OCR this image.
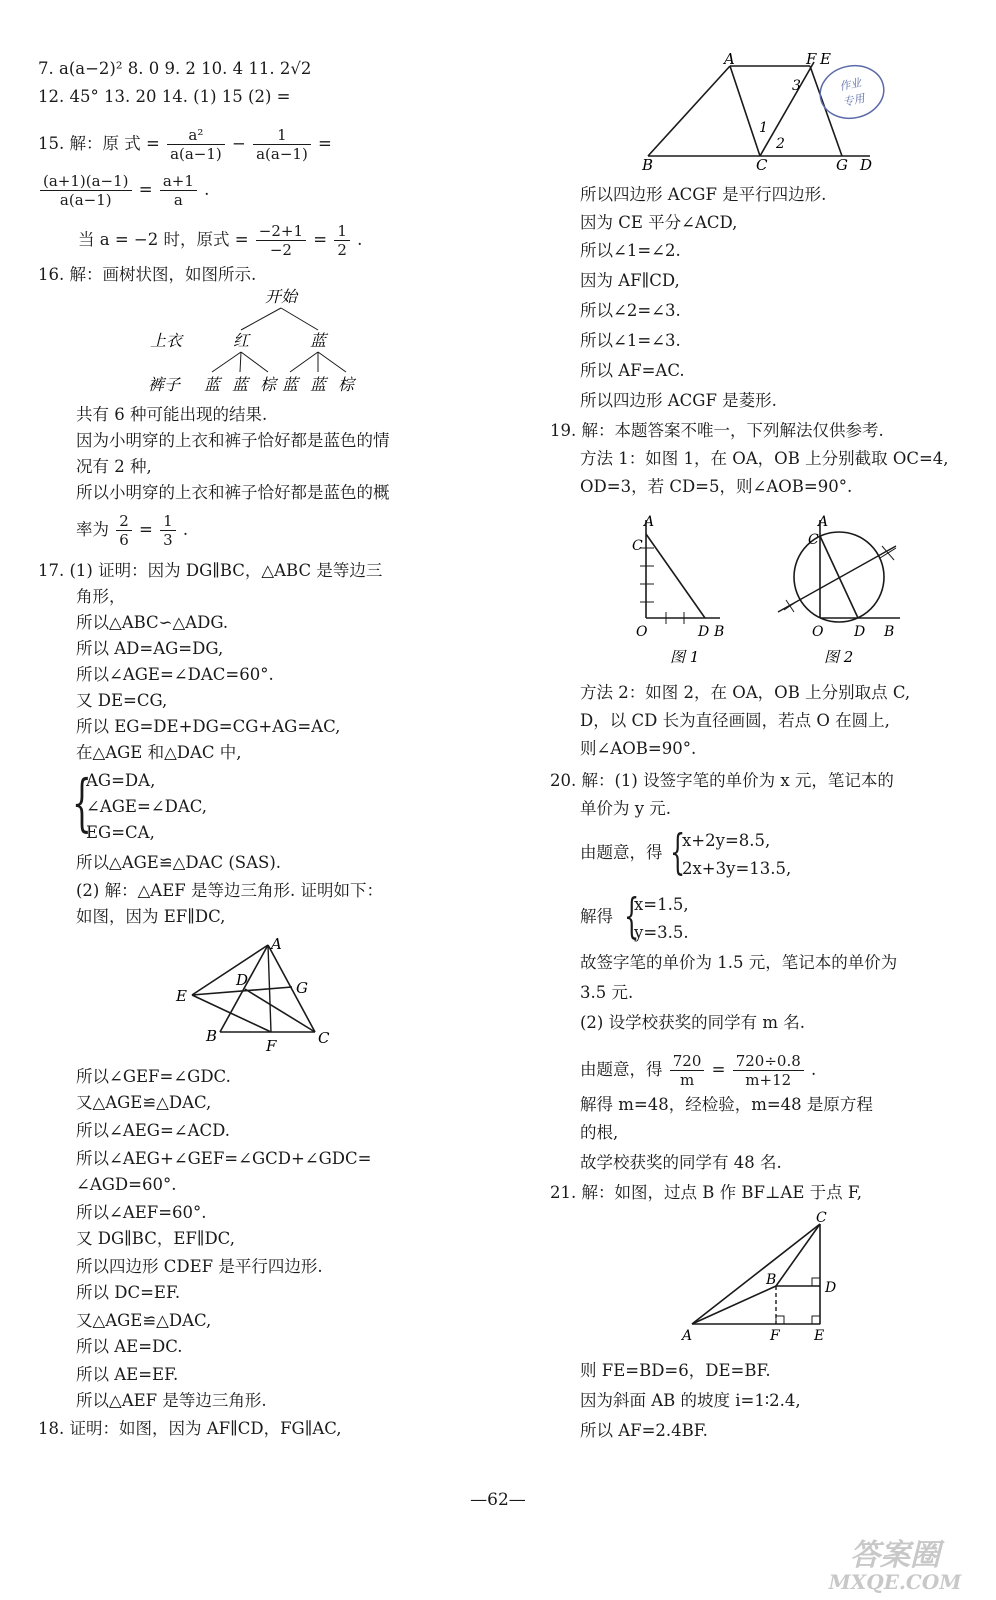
7. a(a−2)² 8. 0 9. 2 10. 4 11. 2√2
12. 45° 13. 20 14. (1) 15 (2) =
15. 解：原 式 = $\frac{\text{a²}}{a(a-1)} - \frac{1}{a(a-1)}$ =
$\frac{(a+1)(a-1)}{a(a-1)} = \frac{a+1}{a}$ .
当 a = −2 时，原式 = $\frac{-2+1}{-2} = \frac{1}{2}$ .
16. 解：画树状图，如图所示.
开始
上衣	红	蓝
裤子 蓝 蓝 棕 蓝 蓝 棕
共有 6 种可能出现的结果.
因为小明穿的上衣和裤子恰好都是蓝色的情
况有 2 种,
所以小明穿的上衣和裤子恰好都是蓝色的概
率为 $\frac{2}{6} = \frac{1}{3}$ .
17. (1) 证明：因为 DG∥BC，△ABC 是等边三
角形，
所以△ABC∽△ADG.
所以 AD=AG=DG,
所以∠AGE=∠DAC=60°.
又 DE=CG,
所以 EG=DE+DG=CG+AG=AC,
在△AGE 和△DAC 中,
{
AG=DA,
∠AGE=∠DAC,
EG=CA,
所以△AGE≌△DAC (SAS).
(2) 解：△AEF 是等边三角形. 证明如下：
如图，因为 EF∥DC,
A
E
D	G
B
F	C
所以∠GEF=∠GDC.
又△AGE≌△DAC,
所以∠AEG=∠ACD.
所以∠AEG+∠GEF=∠GCD+∠GDC=
∠AGD=60°.
所以∠AEF=60°.
又 DG∥BC，EF∥DC,
所以四边形 CDEF 是平行四边形.
所以 DC=EF.
又△AGE≌△DAC,
所以 AE=DC.
所以 AE=EF.
所以△AEF 是等边三角形.
18. 证明：如图，因为 AF∥CD，FG∥AC,
A	F E
B	C	G D
1
2
3	作业
专用
所以四边形 ACGF 是平行四边形.
因为 CE 平分∠ACD,
所以∠1=∠2.
因为 AF∥CD,
所以∠2=∠3.
所以∠1=∠3.
所以 AF=AC.
所以四边形 ACGF 是菱形.
19. 解：本题答案不唯一，下列解法仅供参考.
方法 1：如图 1，在 OA，OB 上分别截取 OC=4,
OD=3，若 CD=5，则∠AOB=90°.
A
C
O	D B
图 1
A
C
O D B
图 2
方法 2：如图 2，在 OA，OB 上分别取点 C,
D，以 CD 长为直径画圆，若点 O 在圆上,
则∠AOB=90°.
20. 解：(1) 设签字笔的单价为 x 元，笔记本的
单价为 y 元.
由题意，得 {
x+2y=8.5,
2x+3y=13.5,
解得 {
x=1.5,
y=3.5.
故签字笔的单价为 1.5 元，笔记本的单价为
3.5 元.
(2) 设学校获奖的同学有 m 名.
由题意，得 $\frac{720}{m} = \frac{720\div 0.8}{m+12}$ .
解得 m=48，经检验，m=48 是原方程
的根,
故学校获奖的同学有 48 名.
21. 解：如图，过点 B 作 BF⊥AE 于点 F,
C
B	D
A	F E
则 FE=BD=6，DE=BF.
因为斜面 AB 的坡度 i=1∶2.4,
所以 AF=2.4BF.
—62—
答案圈
MXQE.COM
